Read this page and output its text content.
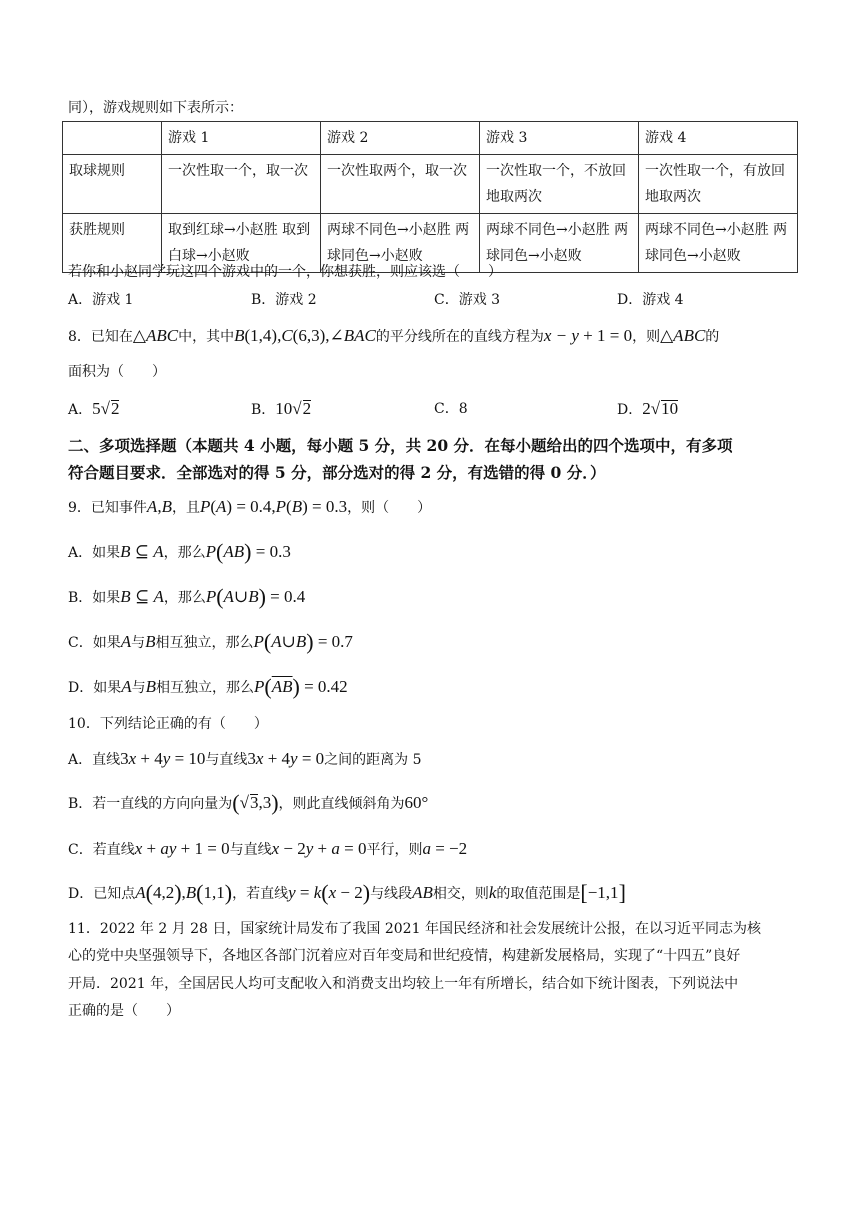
同），游戏规则如下表所示：
	游戏 1	游戏 2	游戏 3	游戏 4
取球规则	一次性取一个，取一次	一次性取两个，取一次	一次性取一个，不放回地取两次	一次性取一个，有放回地取两次
获胜规则	取到红球→小赵胜 取到白球→小赵败	两球不同色→小赵胜 两球同色→小赵败	两球不同色→小赵胜 两球同色→小赵败	两球不同色→小赵胜 两球同色→小赵败
若你和小赵同学玩这四个游戏中的一个，你想获胜，则应该选（　　）
A．游戏 1	B．游戏 2	C．游戏 3	D．游戏 4
8．已知在△ABC中，其中B(1,4),C(6,3),∠BAC的平分线所在的直线方程为x − y + 1 = 0，则△ABC的
面积为（　　）
A．5√2	B．10√2	C．8	D．2√10
二、多项选择题（本题共 4 小题，每小题 5 分，共 20 分．在每小题给出的四个选项中，有多项
符合题目要求．全部选对的得 5 分，部分选对的得 2 分，有选错的得 0 分．）
9．已知事件A,B，且P(A) = 0.4,P(B) = 0.3，则（　　）
A．如果B ⊆ A，那么P(AB) = 0.3
B．如果B ⊆ A，那么P(A∪B) = 0.4
C．如果A与B相互独立，那么P(A∪B) = 0.7
D．如果A与B相互独立，那么$P(\overline{AB}) = 0.42$
10．下列结论正确的有（　　）
A．直线3x + 4y = 10与直线3x + 4y = 0之间的距离为 5
B．若一直线的方向向量为(√3,3)，则此直线倾斜角为60°
C．若直线x + ay + 1 = 0与直线x − 2y + a = 0平行，则a = −2
D．已知点A(4,2),B(1,1)，若直线y = k(x − 2)与线段AB相交，则k的取值范围是[−1,1]
11．2022 年 2 月 28 日，国家统计局发布了我国 2021 年国民经济和社会发展统计公报，在以习近平同志为核
心的党中央坚强领导下，各地区各部门沉着应对百年变局和世纪疫情，构建新发展格局，实现了“十四五”良好
开局．2021 年，全国居民人均可支配收入和消费支出均较上一年有所增长，结合如下统计图表，下列说法中
正确的是（　　）
